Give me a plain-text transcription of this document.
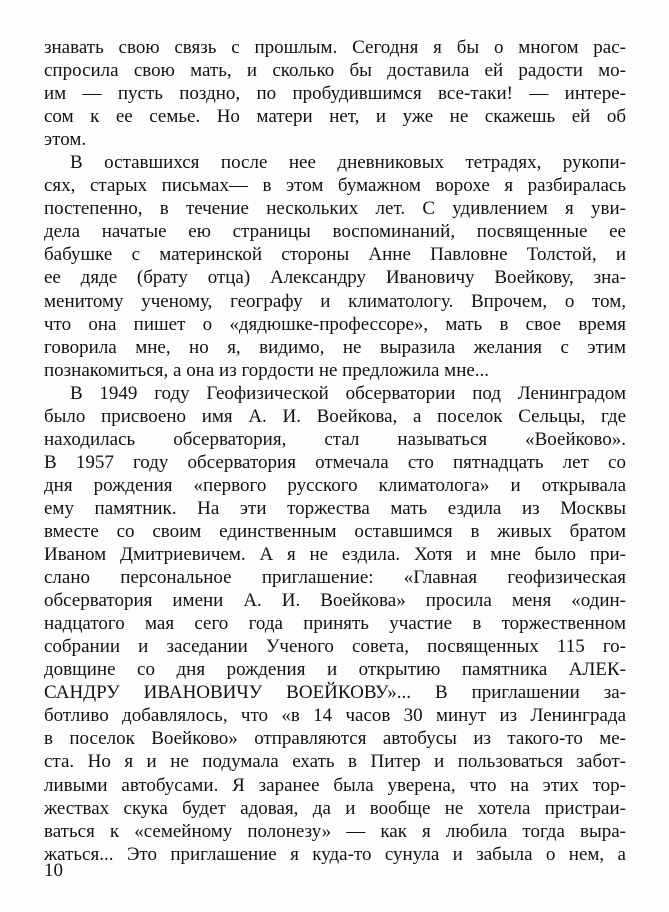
знавать свою связь с прошлым. Сегодня я бы о многом рас-
спросила свою мать, и сколько бы доставила ей радости мо-
им — пусть поздно, по пробудившимся все-таки! — интере-
сом к ее семье. Но матери нет, и уже не скажешь ей об
этом.

В оставшихся после нее дневниковых тетрадях, рукопи-
сях, старых письмах— в этом бумажном ворохе я разбиралась
постепенно, в течение нескольких лет. С удивлением я уви-
дела начатые ею страницы воспоминаний, посвященные ее
бабушке с материнской стороны Анне Павловне Толстой, и
ее дяде (брату отца) Александру Ивановичу Воейкову, зна-
менитому ученому, географу и климатологу. Впрочем, о том,
что она пишет о «дядюшке-профессоре», мать в свое время
говорила мне, но я, видимо, не выразила желания с этим
познакомиться, а она из гордости не предложила мне...

В 1949 году Геофизической обсерватории под Ленинградом
было присвоено имя А. И. Воейкова, а поселок Сельцы, где
находилась обсерватория, стал называться «Воейково».
В 1957 году обсерватория отмечала сто пятнадцать лет со
дня рождения «первого русского климатолога» и открывала
ему памятник. На эти торжества мать ездила из Москвы
вместе со своим единственным оставшимся в живых братом
Иваном Дмитриевичем. А я не ездила. Хотя и мне было при-
слано персональное приглашение: «Главная геофизическая
обсерватория имени А. И. Воейкова» просила меня «один-
надцатого мая сего года принять участие в торжественном
собрании и заседании Ученого совета, посвященных 115 го-
довщине со дня рождения и открытию памятника АЛЕК-
САНДРУ ИВАНОВИЧУ ВОЕЙКОВУ»... В приглашении за-
ботливо добавлялось, что «в 14 часов 30 минут из Ленинграда
в поселок Воейково» отправляются автобусы из такого-то ме-
ста. Но я и не подумала ехать в Питер и пользоваться забот-
ливыми автобусами. Я заранее была уверена, что на этих тор-
жествах скука будет адовая, да и вообще не хотела пристраи-
ваться к «семейному полонезу» — как я любила тогда выра-
жаться... Это приглашение я куда-то сунула и забыла о нем, а

10
